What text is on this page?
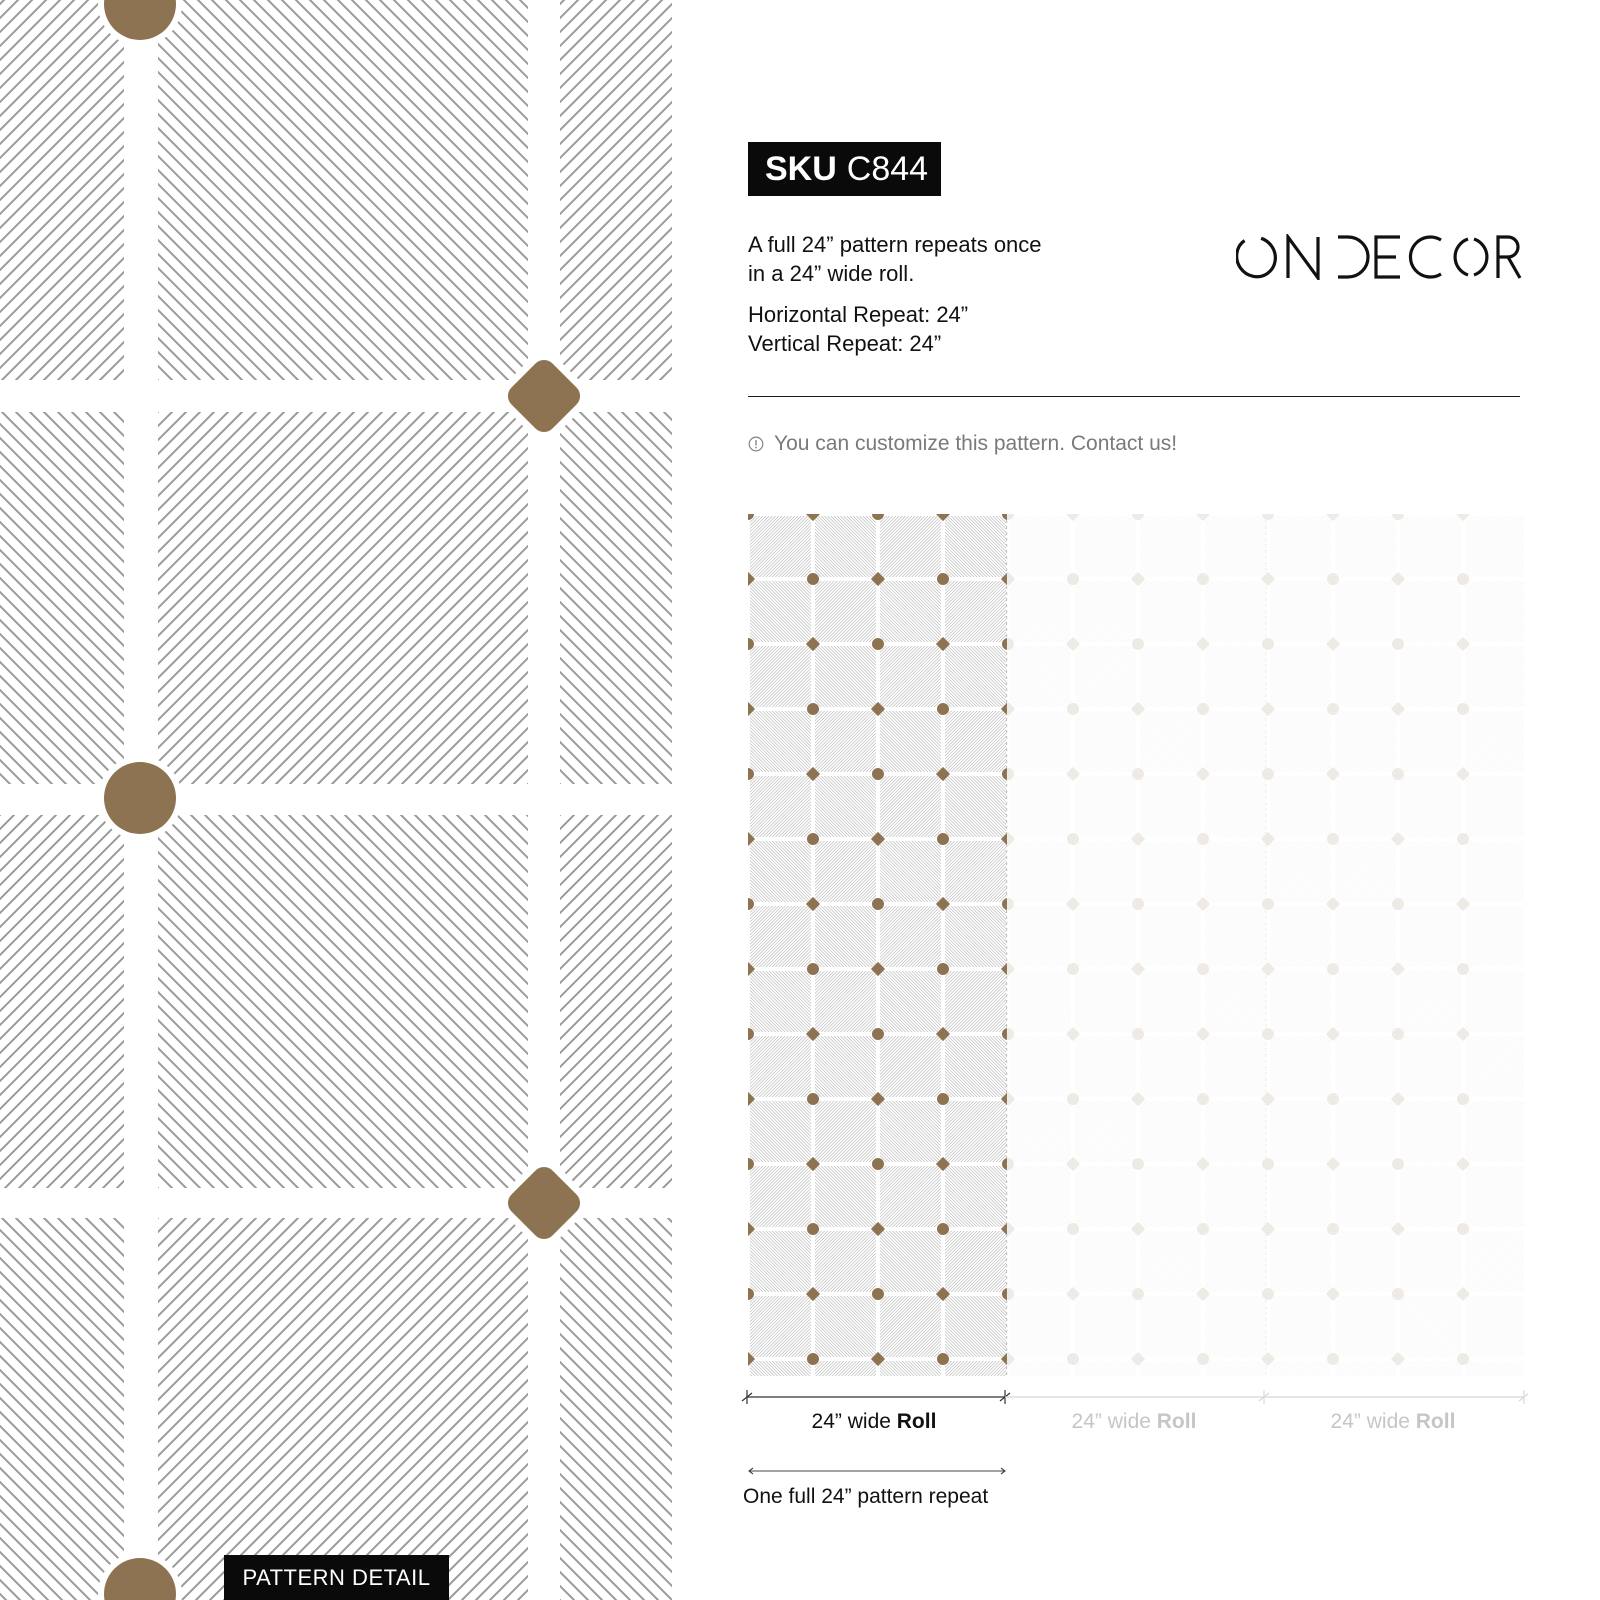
PATTERN DETAIL
SKU C844
A full 24” pattern repeats once
in a 24” wide roll.
Horizontal Repeat: 24”
Vertical Repeat: 24”
You can customize this pattern. Contact us!
24” wide Roll	24” wide Roll	24” wide Roll
One full 24” pattern repeat
